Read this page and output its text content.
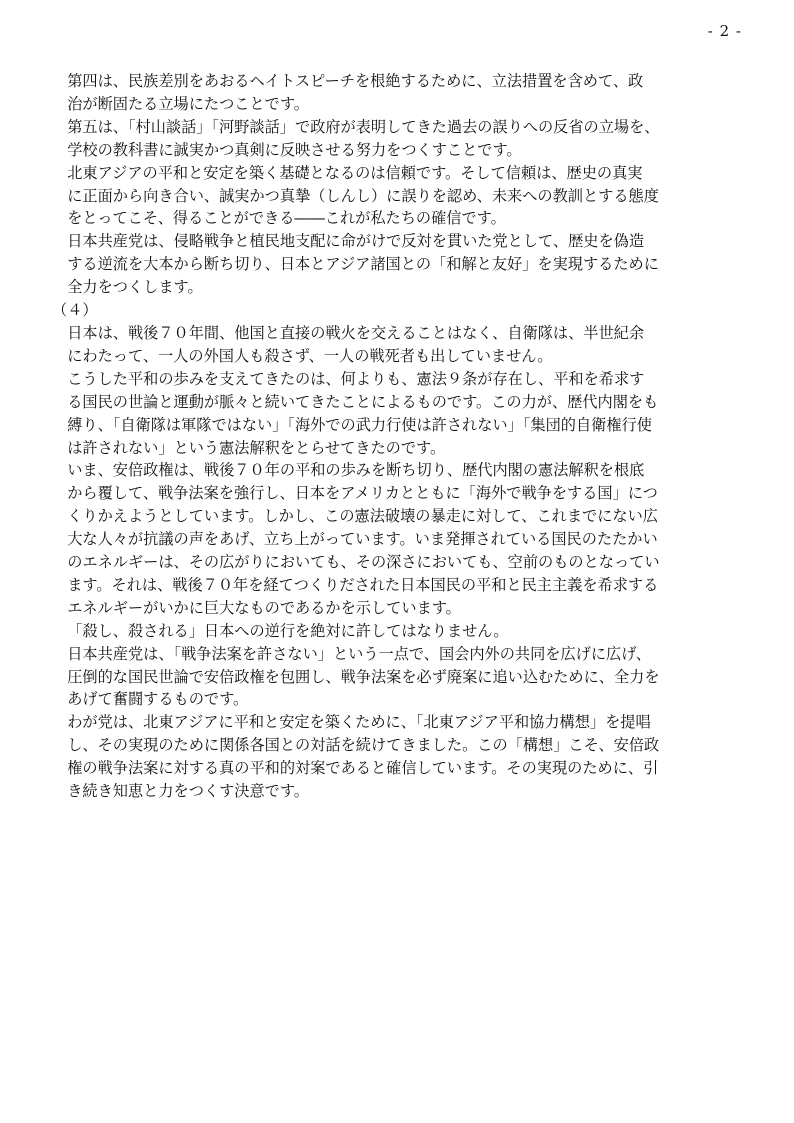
- 2 -

第四は、民族差別をあおるヘイトスピーチを根絶するために、立法措置を含めて、政
治が断固たる立場にたつことです。

第五は、「村山談話」「河野談話」で政府が表明してきた過去の誤りへの反省の立場を、
学校の教科書に誠実かつ真剣に反映させる努力をつくすことです。

北東アジアの平和と安定を築く基礎となるのは信頼です。そして信頼は、歴史の真実
に正面から向き合い、誠実かつ真摯（しんし）に誤りを認め、未来への教訓とする態度
をとってこそ、得ることができる――これが私たちの確信です。

日本共産党は、侵略戦争と植民地支配に命がけで反対を貫いた党として、歴史を偽造
する逆流を大本から断ち切り、日本とアジア諸国との「和解と友好」を実現するために
全力をつくします。

（４）

日本は、戦後７０年間、他国と直接の戦火を交えることはなく、自衛隊は、半世紀余
にわたって、一人の外国人も殺さず、一人の戦死者も出していません。

こうした平和の歩みを支えてきたのは、何よりも、憲法９条が存在し、平和を希求す
る国民の世論と運動が脈々と続いてきたことによるものです。この力が、歴代内閣をも
縛り、「自衛隊は軍隊ではない」「海外での武力行使は許されない」「集団的自衛権行使
は許されない」という憲法解釈をとらせてきたのです。

いま、安倍政権は、戦後７０年の平和の歩みを断ち切り、歴代内閣の憲法解釈を根底
から覆して、戦争法案を強行し、日本をアメリカとともに「海外で戦争をする国」につ
くりかえようとしています。しかし、この憲法破壊の暴走に対して、これまでにない広
大な人々が抗議の声をあげ、立ち上がっています。いま発揮されている国民のたたかい
のエネルギーは、その広がりにおいても、その深さにおいても、空前のものとなってい
ます。それは、戦後７０年を経てつくりだされた日本国民の平和と民主主義を希求する
エネルギーがいかに巨大なものであるかを示しています。

「殺し、殺される」日本への逆行を絶対に許してはなりません。

日本共産党は、「戦争法案を許さない」という一点で、国会内外の共同を広げに広げ、
圧倒的な国民世論で安倍政権を包囲し、戦争法案を必ず廃案に追い込むために、全力を
あげて奮闘するものです。

わが党は、北東アジアに平和と安定を築くために、「北東アジア平和協力構想」を提唱
し、その実現のために関係各国との対話を続けてきました。この「構想」こそ、安倍政
権の戦争法案に対する真の平和的対案であると確信しています。その実現のために、引
き続き知恵と力をつくす決意です。
